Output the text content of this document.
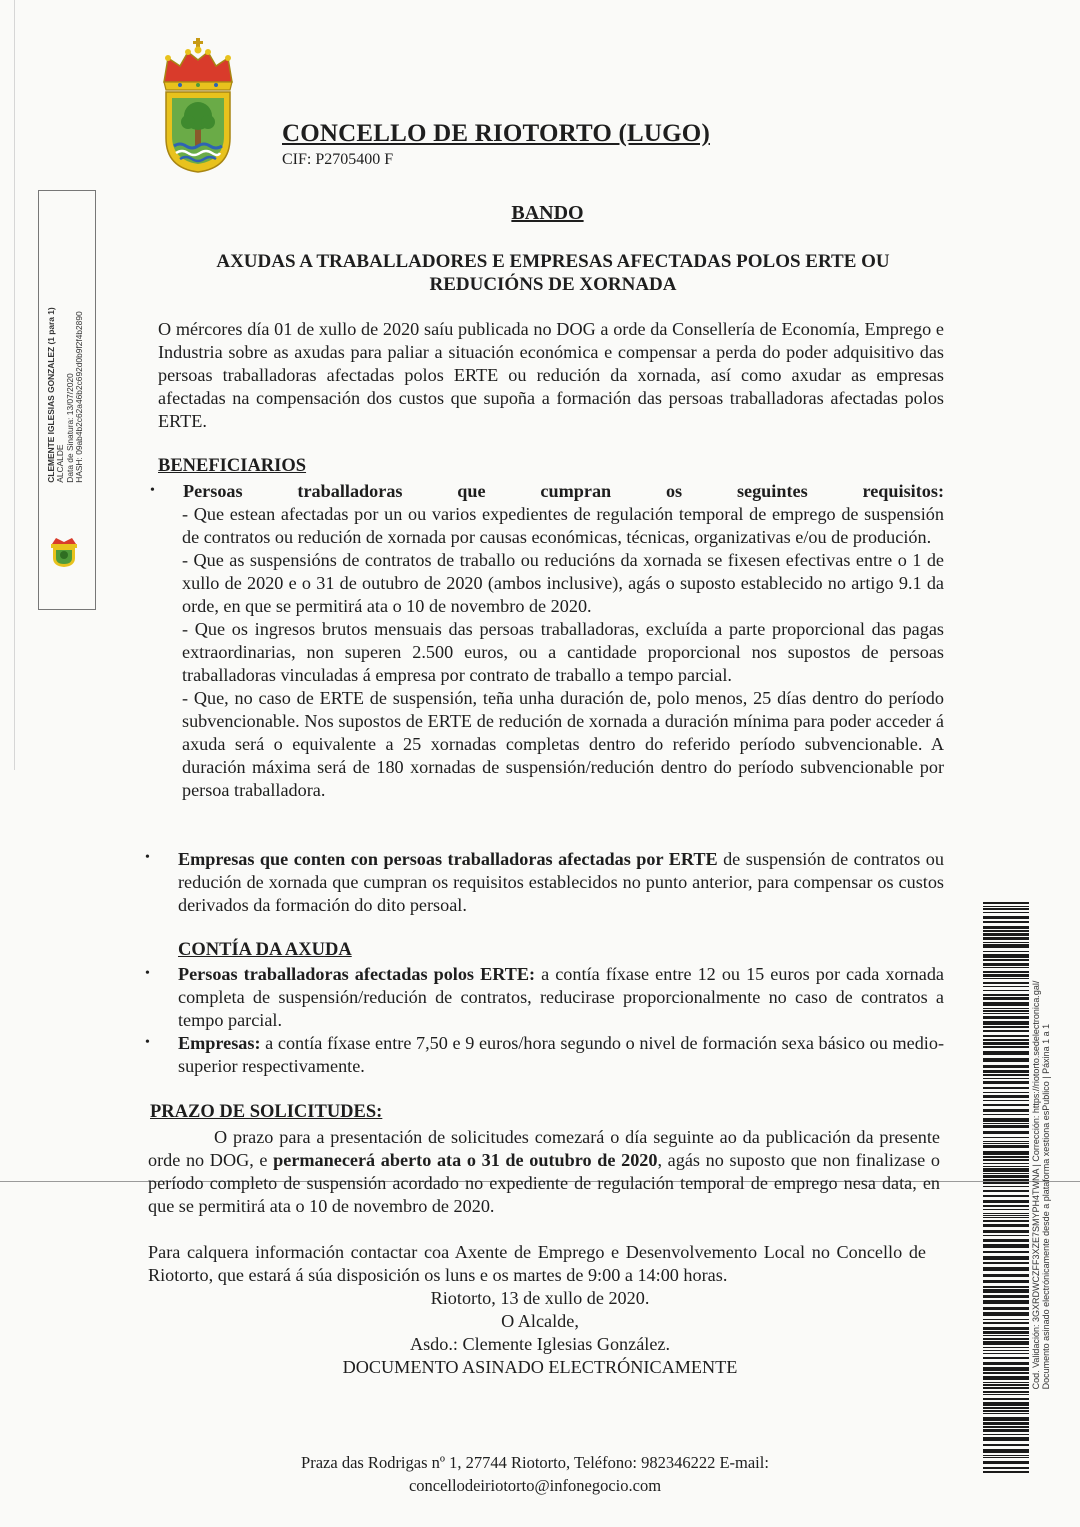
CONCELLO DE RIOTORTO (LUGO)
CIF: P2705400 F
BANDO
AXUDAS A TRABALLADORES E EMPRESAS AFECTADAS POLOS ERTE OU
REDUCIÓNS DE XORNADA
O mércores día 01 de xullo de 2020 saíu publicada no DOG a orde da Consellería de Economía, Emprego e Industria sobre as axudas para paliar a situación económica e compensar a perda do poder adquisitivo das persoas traballadoras afectadas polos ERTE ou redución da xornada, así como axudar as empresas afectadas na compensación dos custos que supoña a formación das persoas traballadoras afectadas polos ERTE.
BENEFICIARIOS
• Persoas traballadoras que cumpran os seguintes requisitos:

- Que estean afectadas por un ou varios expedientes de regulación temporal de emprego de suspensión de contratos ou redución de xornada por causas económicas, técnicas, organizativas e/ou de produción.

- Que as suspensións de contratos de traballo ou reducións da xornada se fixesen efectivas entre o 1 de xullo de 2020 e o 31 de outubro de 2020 (ambos inclusive), agás o suposto establecido no artigo 9.1 da orde, en que se permitirá ata o 10 de novembro de 2020.

- Que os ingresos brutos mensuais das persoas traballadoras, excluída a parte proporcional das pagas extraordinarias, non superen 2.500 euros, ou a cantidade proporcional nos supostos de persoas traballadoras vinculadas á empresa por contrato de traballo a tempo parcial.

- Que, no caso de ERTE de suspensión, teña unha duración de, polo menos, 25 días dentro do período subvencionable. Nos supostos de ERTE de redución de xornada a duración mínima para poder acceder á axuda será o equivalente a 25 xornadas completas dentro do referido período subvencionable. A duración máxima será de 180 xornadas de suspensión/redución dentro do período subvencionable por persoa traballadora.

• Empresas que conten con persoas traballadoras afectadas por ERTE de suspensión de contratos ou redución de xornada que cumpran os requisitos establecidos no punto anterior, para compensar os custos derivados da formación do dito persoal.
CONTÍA DA AXUDA
• Persoas traballadoras afectadas polos ERTE: a contía fíxase entre 12 ou 15 euros por cada xornada completa de suspensión/redución de contratos, reducirase proporcionalmente no caso de contratos a tempo parcial.
• Empresas: a contía fíxase entre 7,50 e 9 euros/hora segundo o nivel de formación sexa básico ou medio-superior respectivamente.
PRAZO DE SOLICITUDES:
O prazo para a presentación de solicitudes comezará o día seguinte ao da publicación da presente orde no DOG, e permanecerá aberto ata o 31 de outubro de 2020, agás no suposto que non finalizase o período completo de suspensión acordado no expediente de regulación temporal de emprego nesa data, en que se permitirá ata o 10 de novembro de 2020.
Para calquera información contactar coa Axente de Emprego e Desenvolvemento Local no Concello de Riotorto, que estará á súa disposición os luns e os martes de 9:00 a 14:00 horas.
Riotorto, 13 de xullo de 2020.
O Alcalde,
Asdo.: Clemente Iglesias González.
DOCUMENTO ASINADO ELECTRÓNICAMENTE
Praza das Rodrigas nº 1, 27744 Riotorto, Teléfono: 982346222 E-mail:
concellodeiriotorto@infonegocio.com
CLEMENTE IGLESIAS GONZALEZ (1 para 1) ALCALDE Data de Sinatura: 13/07/2020 HASH: 09ab4b2c62a46b2c692d0b9f2f4b2890
Cod. Validación: 3GXRDWCZFF3XZE7SMYPH4TWNA | Corrección: https://riotorto.sedelectronica.gal/ Documento asinado electrónicamente desde a plataforma xestiona esPublico | Páxina 1 a 1
